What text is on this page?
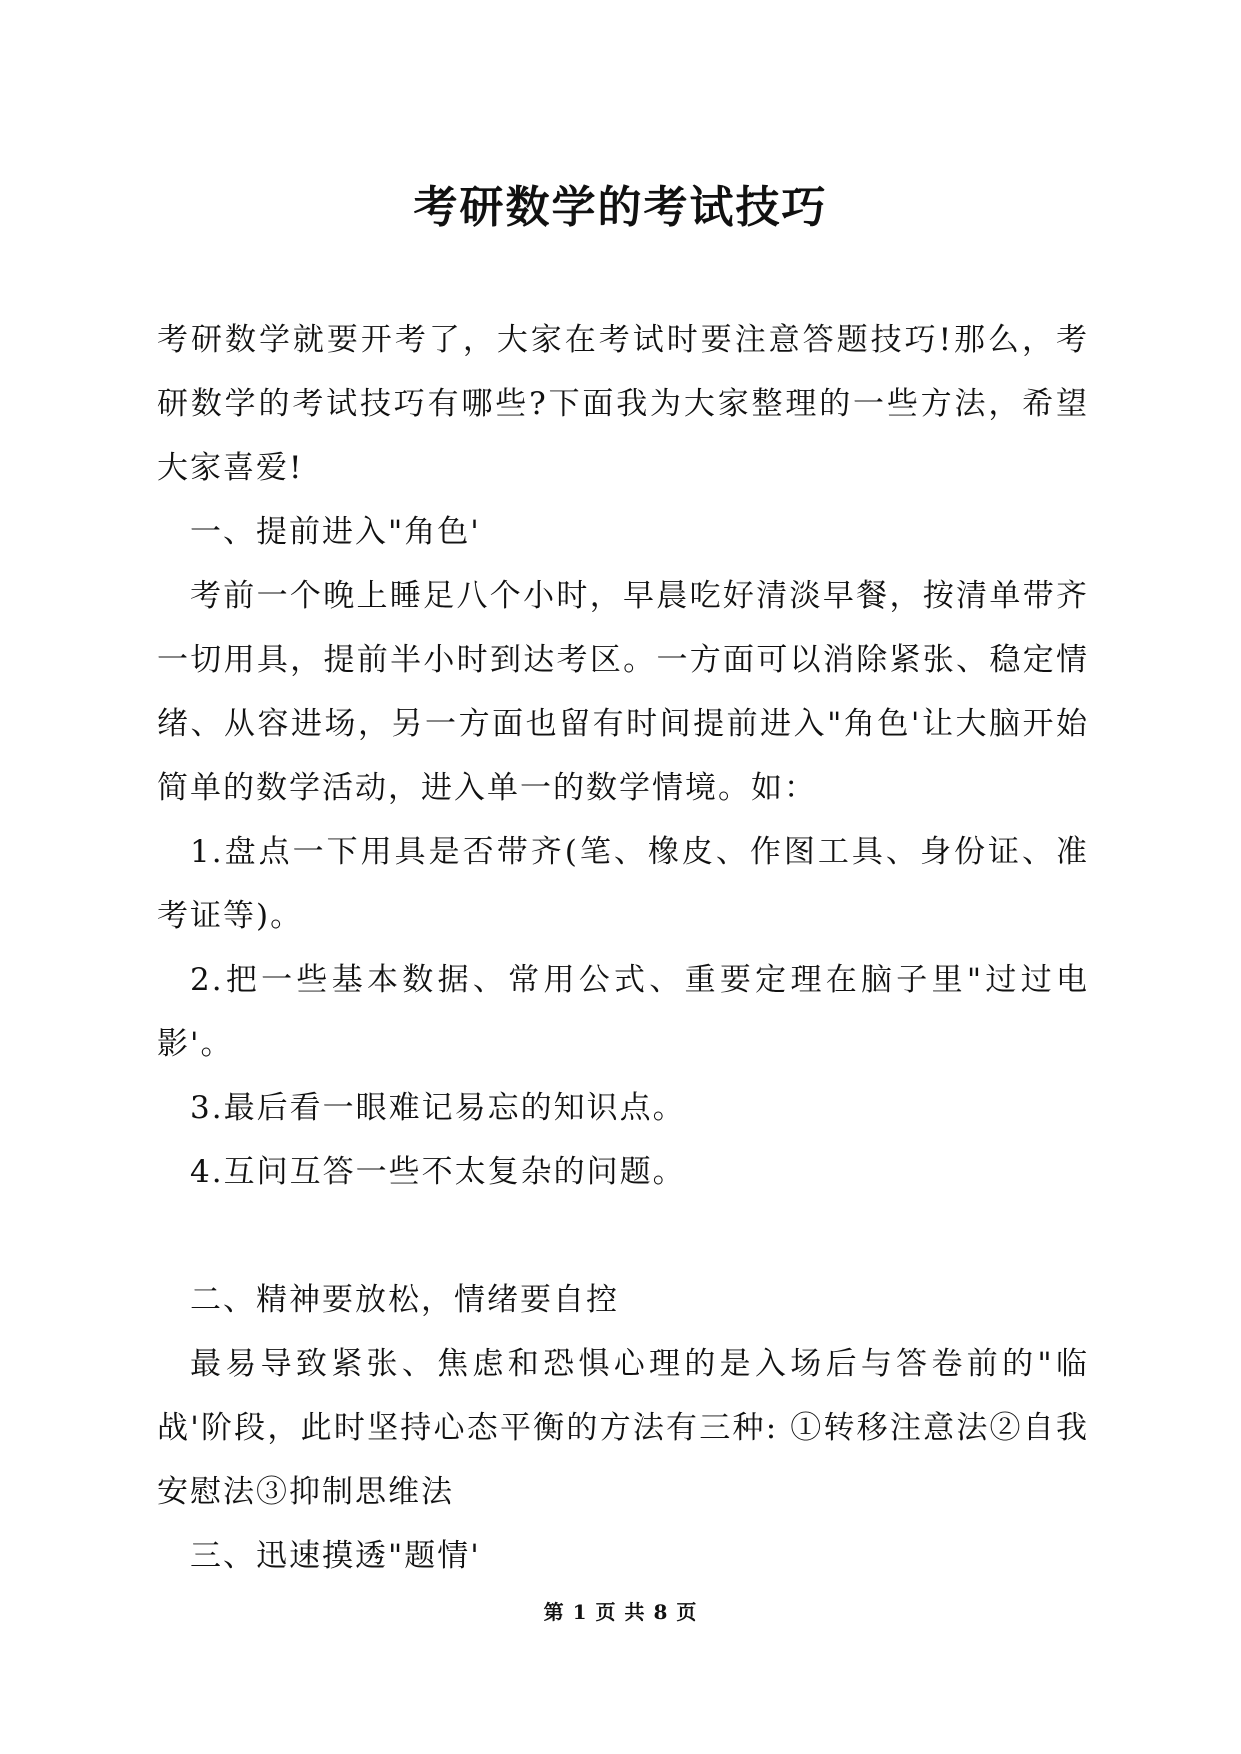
考研数学的考试技巧

考研数学就要开考了，大家在考试时要注意答题技巧!那么，考研数学的考试技巧有哪些?下面我为大家整理的一些方法，希望大家喜爱!

一、提前进入"角色'

考前一个晚上睡足八个小时，早晨吃好清淡早餐，按清单带齐一切用具，提前半小时到达考区。一方面可以消除紧张、稳定情绪、从容进场，另一方面也留有时间提前进入"角色'让大脑开始简单的数学活动，进入单一的数学情境。如：

1.盘点一下用具是否带齐(笔、橡皮、作图工具、身份证、准考证等)。

2.把一些基本数据、常用公式、重要定理在脑子里"过过电影'。

3.最后看一眼难记易忘的知识点。

4.互问互答一些不太复杂的问题。

二、精神要放松，情绪要自控

最易导致紧张、焦虑和恐惧心理的是入场后与答卷前的"临战'阶段，此时坚持心态平衡的方法有三种: ①转移注意法②自我安慰法③抑制思维法

三、迅速摸透"题情'

第 1 页 共 8 页
